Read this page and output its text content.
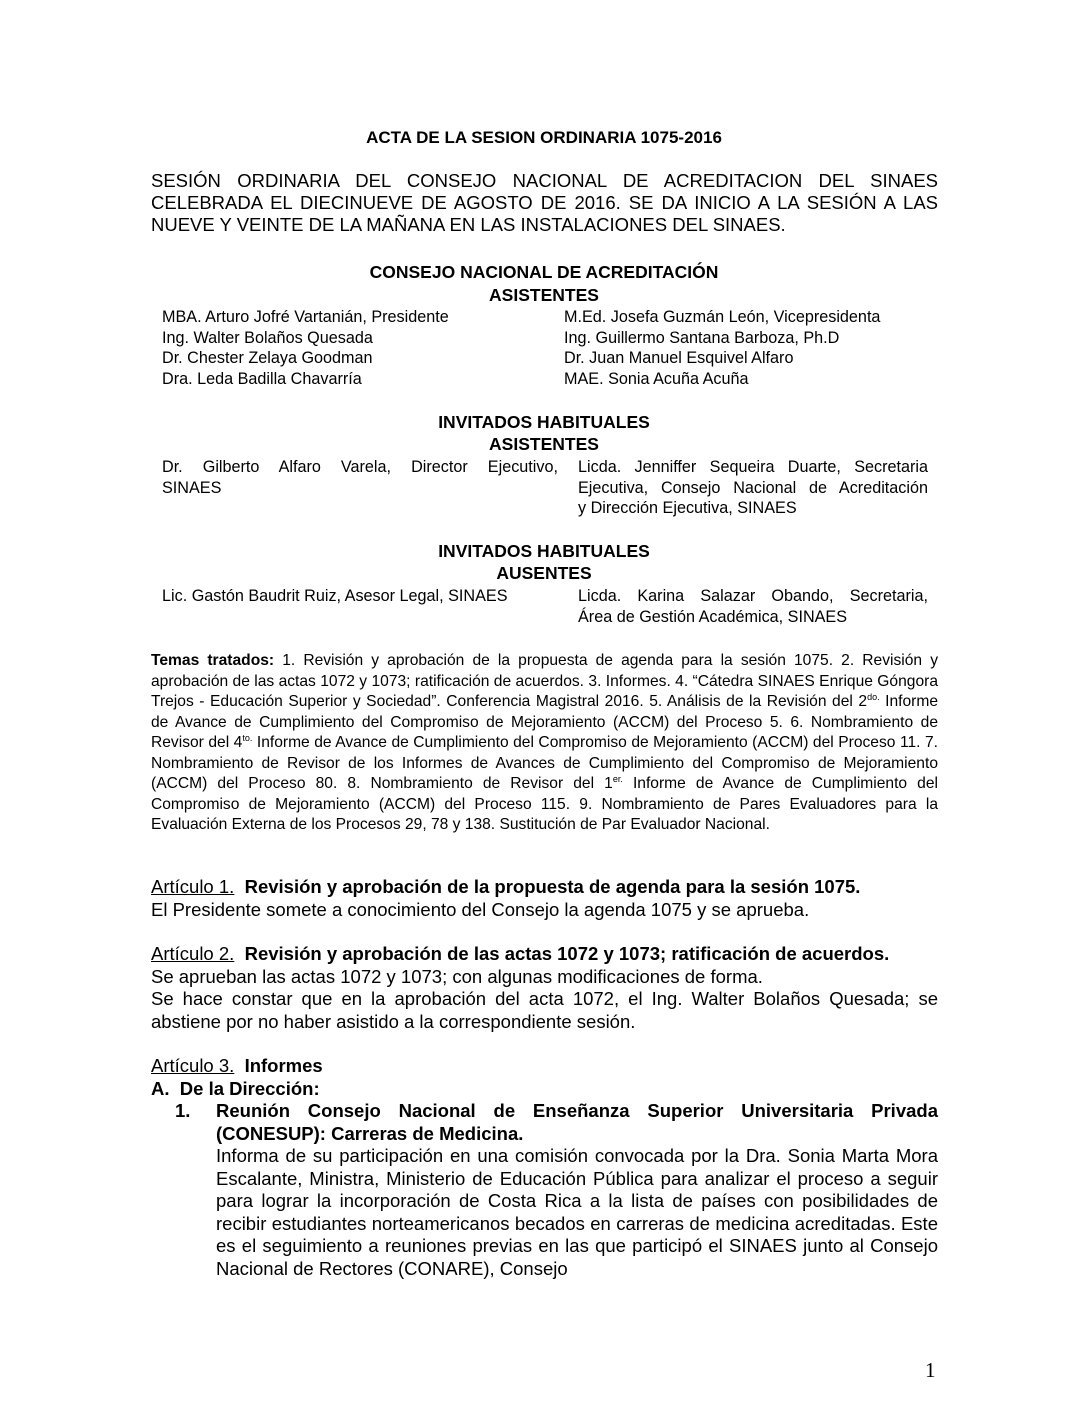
ACTA DE LA SESION ORDINARIA 1075-2016
SESIÓN ORDINARIA DEL CONSEJO NACIONAL DE ACREDITACION DEL SINAES CELEBRADA EL DIECINUEVE DE AGOSTO DE 2016. SE DA INICIO A LA SESIÓN A LAS NUEVE Y VEINTE DE LA MAÑANA EN LAS INSTALACIONES DEL SINAES.
CONSEJO NACIONAL DE ACREDITACIÓN
ASISTENTES
MBA. Arturo Jofré Vartanián, Presidente
Ing. Walter Bolaños Quesada
Dr. Chester Zelaya Goodman
Dra. Leda Badilla Chavarría
M.Ed. Josefa Guzmán León, Vicepresidenta
Ing. Guillermo Santana Barboza, Ph.D
Dr. Juan Manuel Esquivel Alfaro
MAE. Sonia Acuña Acuña
INVITADOS HABITUALES
ASISTENTES
Dr. Gilberto Alfaro Varela, Director Ejecutivo,
SINAES
Licda. Jenniffer Sequeira Duarte, Secretaria
Ejecutiva, Consejo Nacional de Acreditación
y Dirección Ejecutiva, SINAES
INVITADOS HABITUALES
AUSENTES
Lic. Gastón Baudrit Ruiz, Asesor Legal, SINAES	Licda. Karina Salazar Obando, Secretaria,
Área de Gestión Académica, SINAES
Temas tratados: 1. Revisión y aprobación de la propuesta de agenda para la sesión 1075. 2. Revisión y aprobación de las actas 1072 y 1073; ratificación de acuerdos. 3. Informes. 4. “Cátedra SINAES Enrique Góngora Trejos - Educación Superior y Sociedad”. Conferencia Magistral 2016. 5. Análisis de la Revisión del $2^{do.}$ Informe de Avance de Cumplimiento del Compromiso de Mejoramiento (ACCM) del Proceso 5. 6. Nombramiento de Revisor del $4^{to.}$ Informe de Avance de Cumplimiento del Compromiso de Mejoramiento (ACCM) del Proceso 11. 7. Nombramiento de Revisor de los Informes de Avances de Cumplimiento del Compromiso de Mejoramiento (ACCM) del Proceso 80. 8. Nombramiento de Revisor del $1^{er.}$ Informe de Avance de Cumplimiento del Compromiso de Mejoramiento (ACCM) del Proceso 115. 9. Nombramiento de Pares Evaluadores para la Evaluación Externa de los Procesos 29, 78 y 138. Sustitución de Par Evaluador Nacional.
Artículo 1. Revisión y aprobación de la propuesta de agenda para la sesión 1075.
El Presidente somete a conocimiento del Consejo la agenda 1075 y se aprueba.
Artículo 2. Revisión y aprobación de las actas 1072 y 1073; ratificación de acuerdos.
Se aprueban las actas 1072 y 1073; con algunas modificaciones de forma.
Se hace constar que en la aprobación del acta 1072, el Ing. Walter Bolaños Quesada; se abstiene por no haber asistido a la correspondiente sesión.
Artículo 3. Informes
A.  De la Dirección:
1.	Reunión Consejo Nacional de Enseñanza Superior Universitaria Privada (CONESUP): Carreras de Medicina.
Informa de su participación en una comisión convocada por la Dra. Sonia Marta Mora Escalante, Ministra, Ministerio de Educación Pública para analizar el proceso a seguir para lograr la incorporación de Costa Rica a la lista de países con posibilidades de recibir estudiantes norteamericanos becados en carreras de medicina acreditadas. Este es el seguimiento a reuniones previas en las que participó el SINAES junto al Consejo Nacional de Rectores (CONARE), Consejo
1
